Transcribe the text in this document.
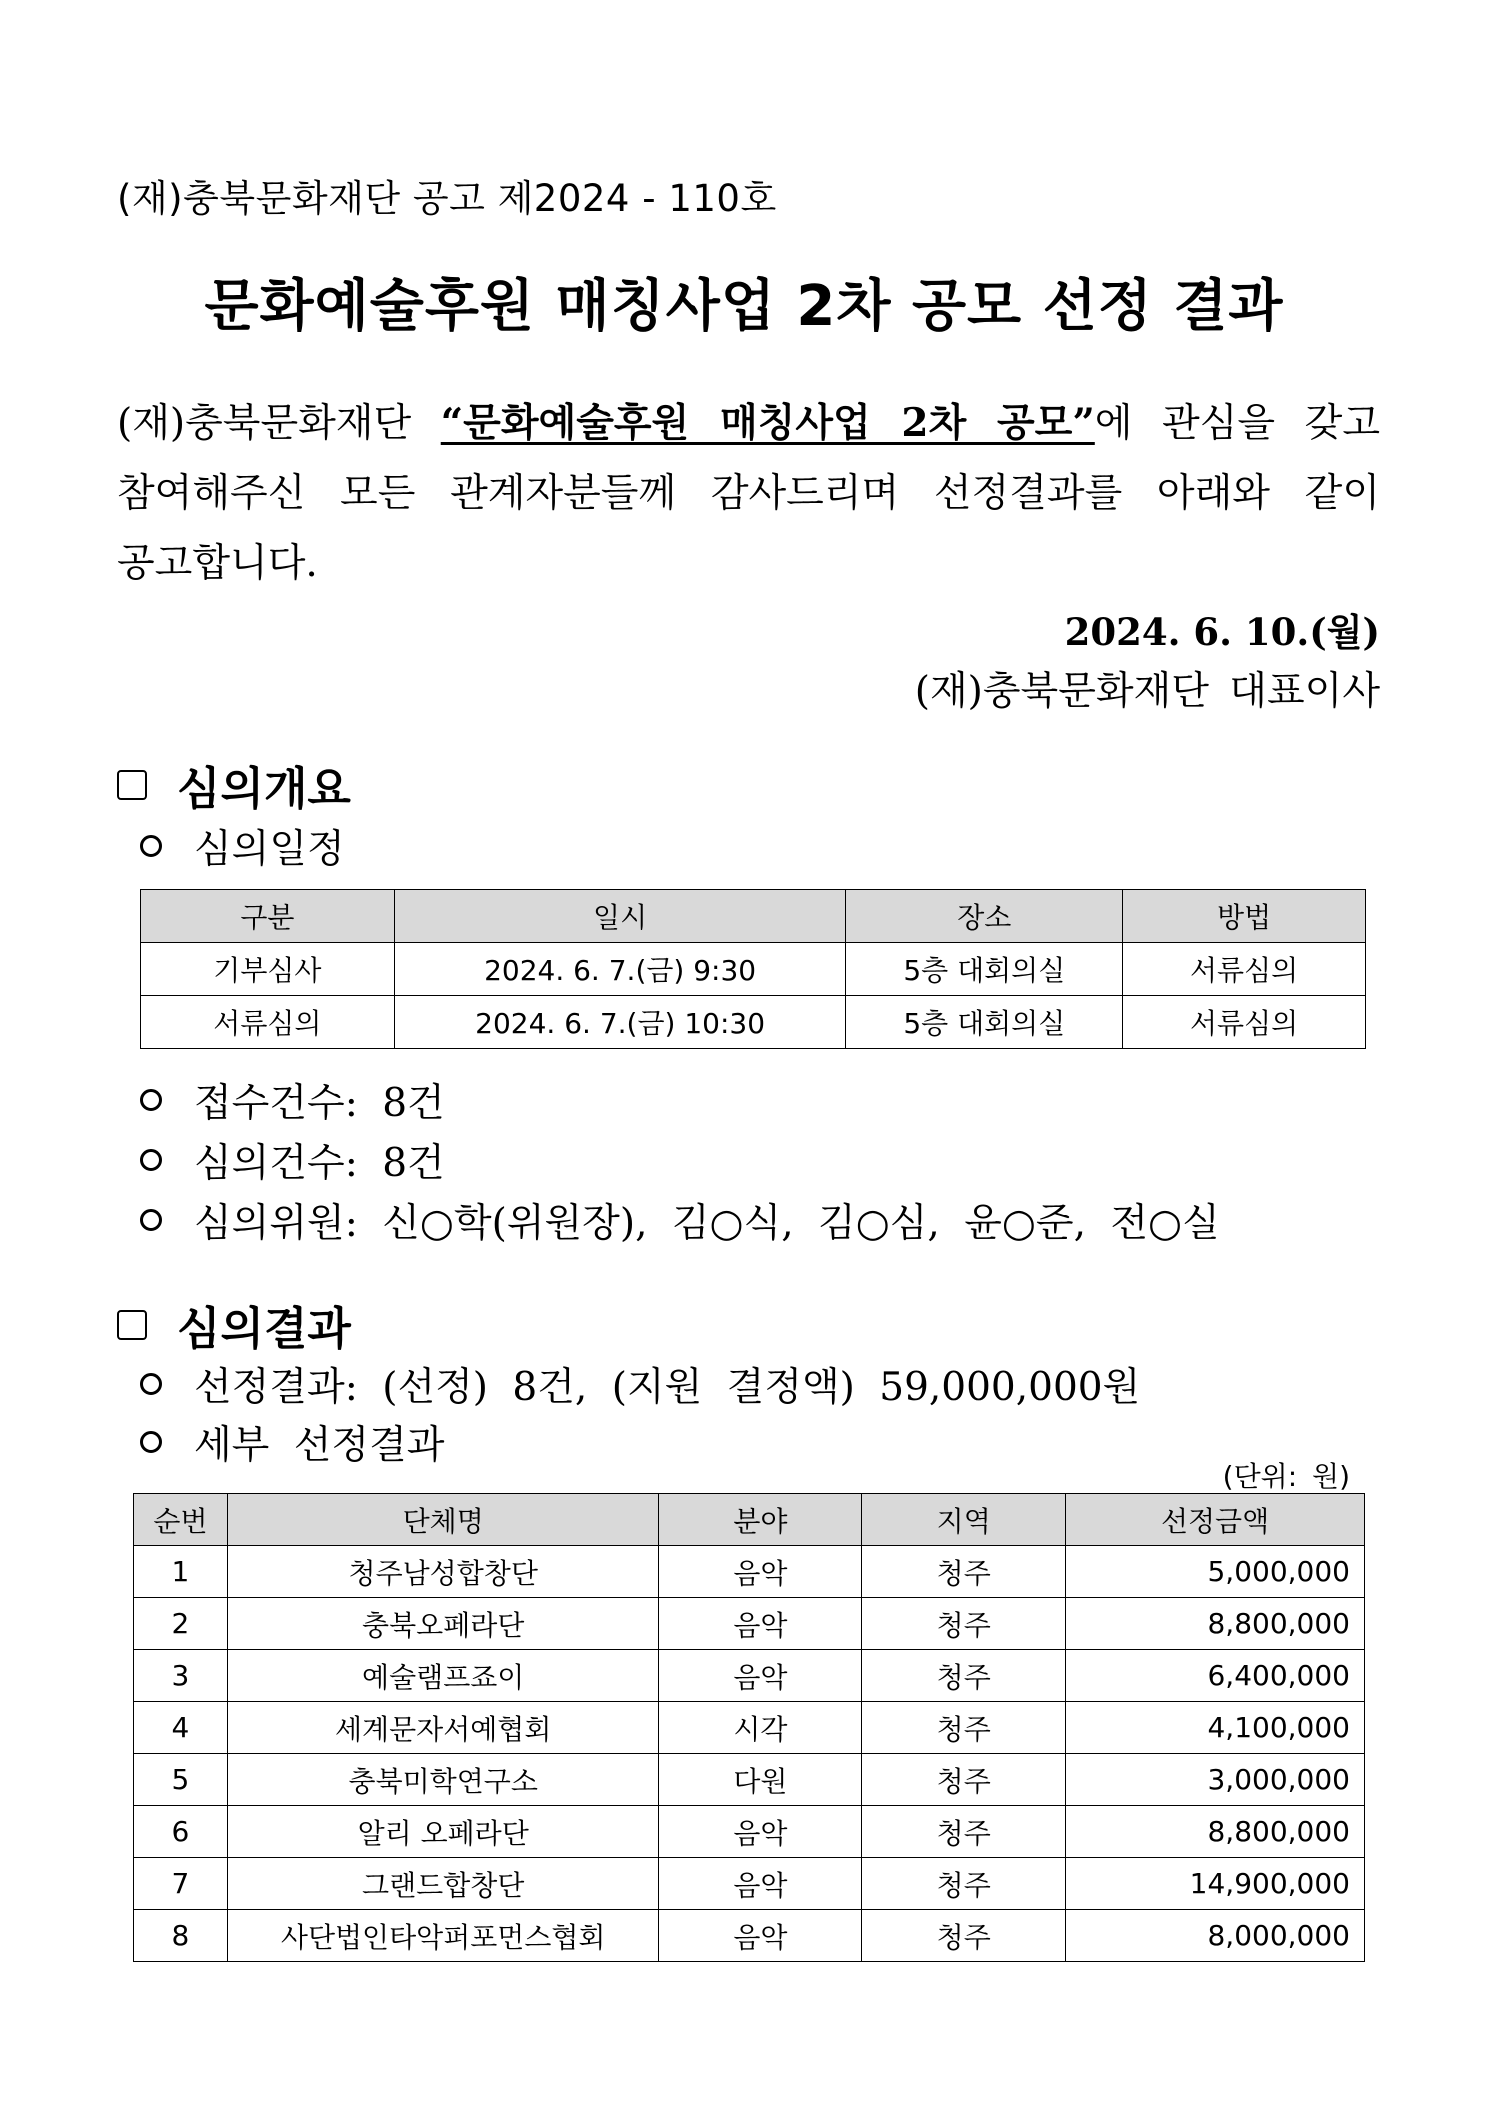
(재)충북문화재단 공고 제2024 - 110호
문화예술후원 매칭사업 2차 공모 선정 결과
(재)충북문화재단 “문화예술후원 매칭사업 2차 공모”에 관심을 갖고
참여해주신 모든 관계자분들께 감사드리며 선정결과를 아래와 같이
공고합니다.
2024. 6. 10.(월)
(재)충북문화재단 대표이사
심의개요
심의일정
구분	일시	장소	방법
기부심사	2024. 6. 7.(금) 9:30	5층 대회의실	서류심의
서류심의	2024. 6. 7.(금) 10:30	5층 대회의실	서류심의
접수건수: 8건
심의건수: 8건
심의위원: 신○학(위원장), 김○식, 김○심, 윤○준, 전○실
심의결과
선정결과: (선정) 8건, (지원 결정액) 59,000,000원
세부 선정결과
(단위: 원)
순번	단체명	분야	지역	선정금액
1	청주남성합창단	음악	청주	5,000,000
2	충북오페라단	음악	청주	8,800,000
3	예술램프죠이	음악	청주	6,400,000
4	세계문자서예협회	시각	청주	4,100,000
5	충북미학연구소	다원	청주	3,000,000
6	알리 오페라단	음악	청주	8,800,000
7	그랜드합창단	음악	청주	14,900,000
8	사단법인타악퍼포먼스협회	음악	청주	8,000,000
